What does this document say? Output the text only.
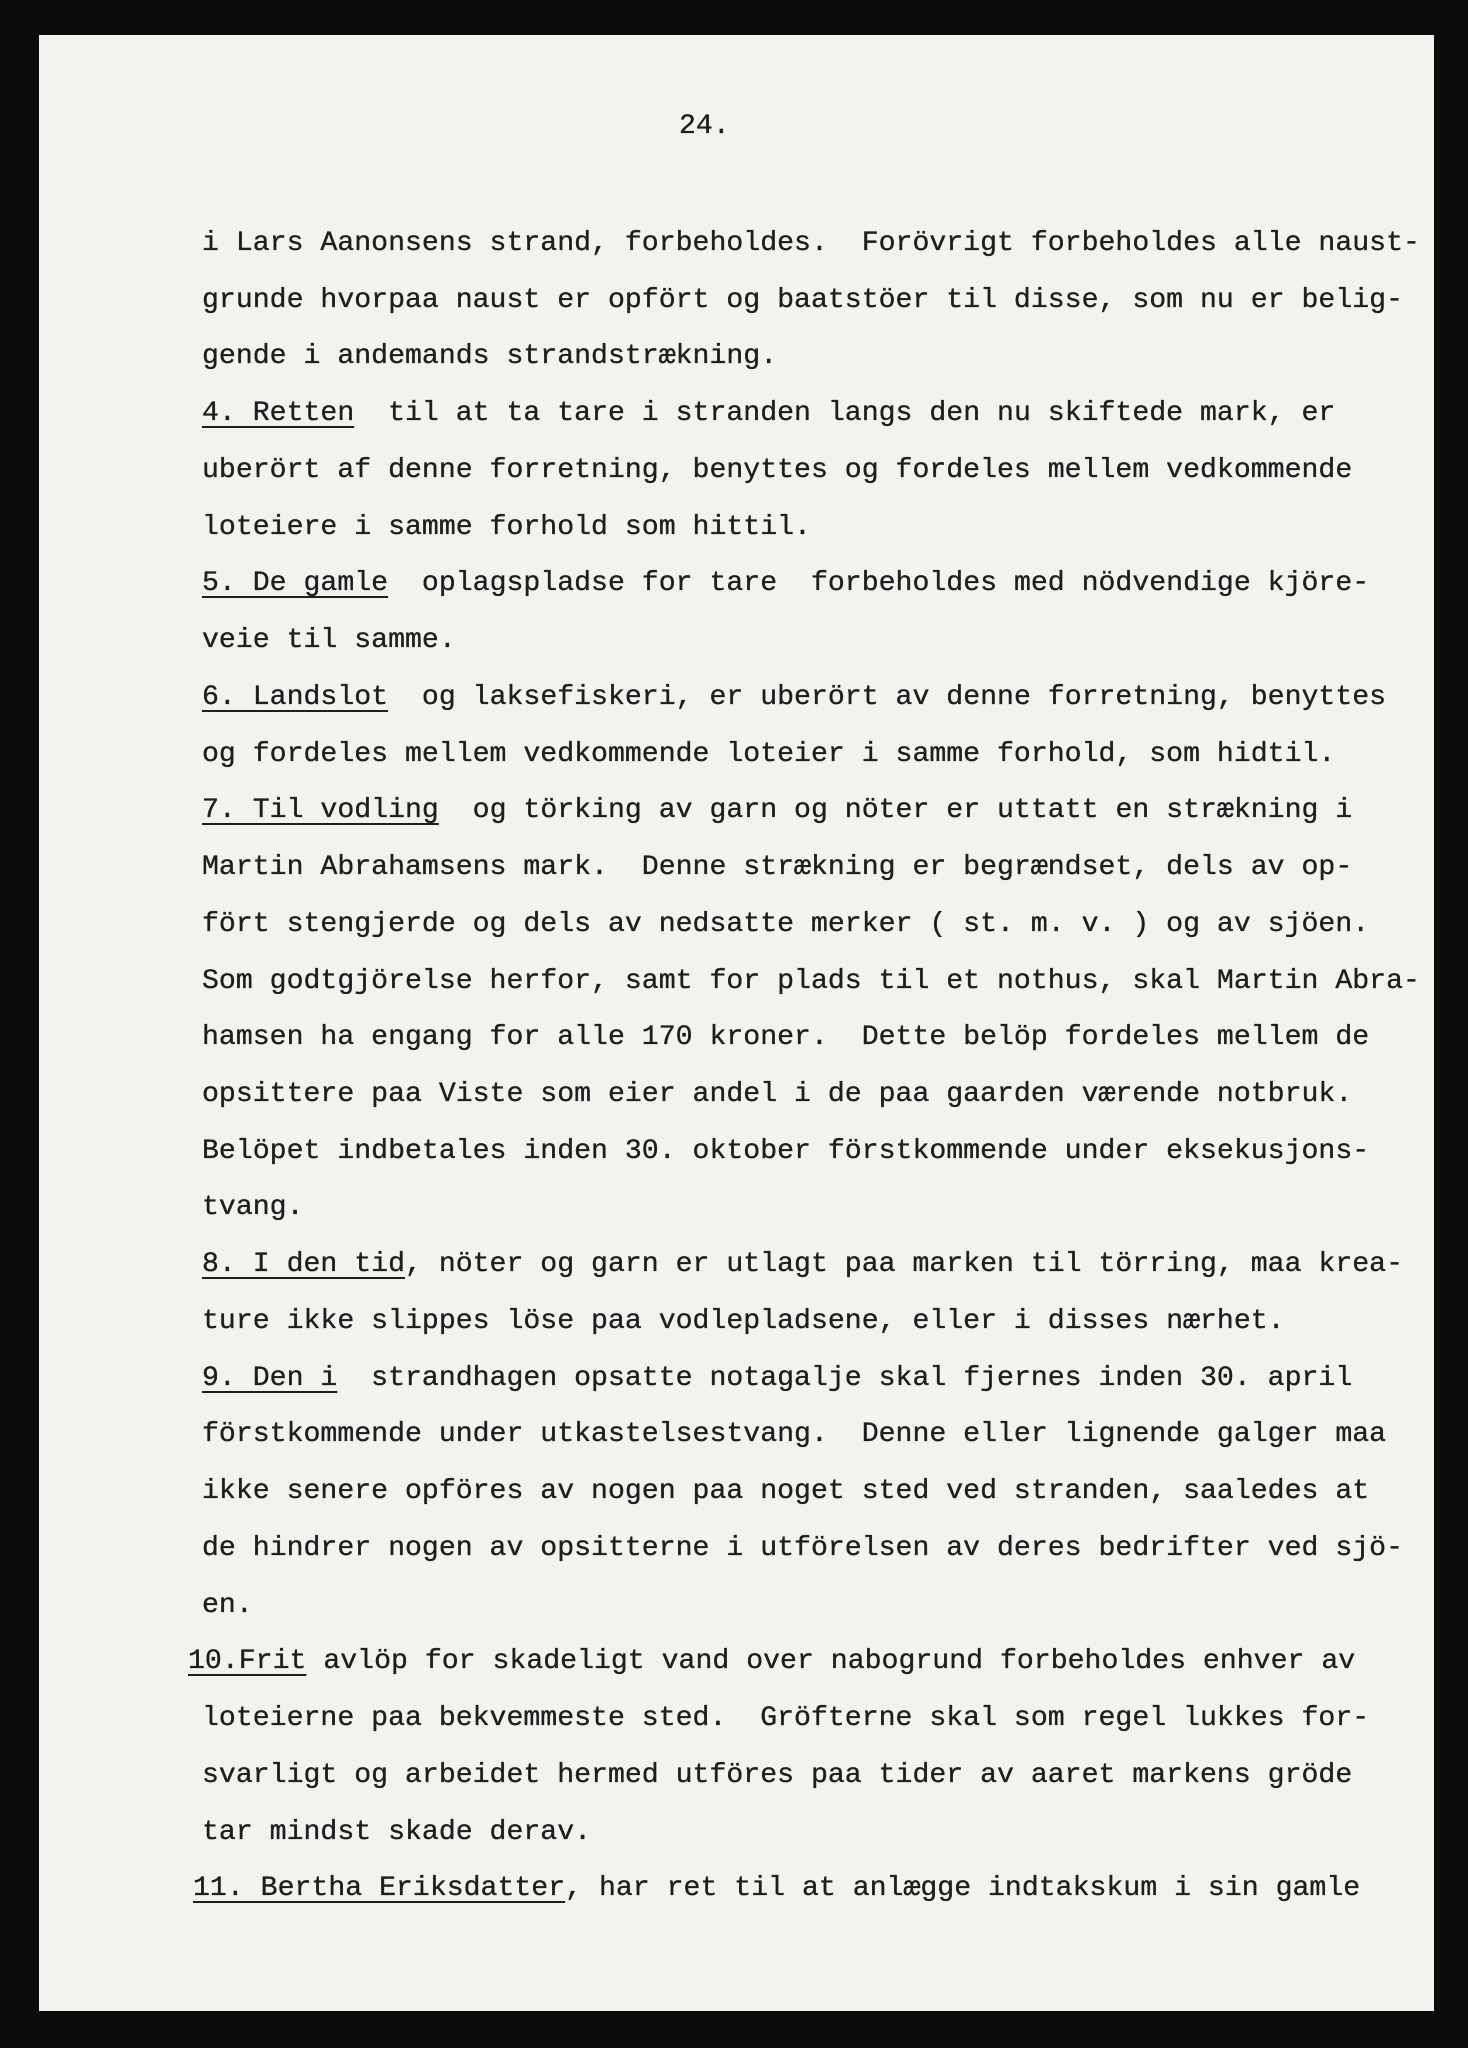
24.
i Lars Aanonsens strand, forbeholdes.  Forövrigt forbeholdes alle naust-
grunde hvorpaa naust er opfört og baatstöer til disse, som nu er belig-
gende i andemands strandstrækning.
4. Retten  til at ta tare i stranden langs den nu skiftede mark, er
uberört af denne forretning, benyttes og fordeles mellem vedkommende
loteiere i samme forhold som hittil.
5. De gamle  oplagspladse for tare  forbeholdes med nödvendige kjöre-
veie til samme.
6. Landslot  og laksefiskeri, er uberört av denne forretning, benyttes
og fordeles mellem vedkommende loteier i samme forhold, som hidtil.
7. Til vodling  og törking av garn og nöter er uttatt en strækning i
Martin Abrahamsens mark.  Denne strækning er begrændset, dels av op-
fört stengjerde og dels av nedsatte merker ( st. m. v. ) og av sjöen.
Som godtgjörelse herfor, samt for plads til et nothus, skal Martin Abra-
hamsen ha engang for alle 170 kroner.  Dette belöp fordeles mellem de
opsittere paa Viste som eier andel i de paa gaarden værende notbruk.
Belöpet indbetales inden 30. oktober förstkommende under eksekusjons-
tvang.
8. I den tid, nöter og garn er utlagt paa marken til törring, maa krea-
ture ikke slippes löse paa vodlepladsene, eller i disses nærhet.
9. Den i  strandhagen opsatte notagalje skal fjernes inden 30. april
förstkommende under utkastelsestvang.  Denne eller lignende galger maa
ikke senere opföres av nogen paa noget sted ved stranden, saaledes at
de hindrer nogen av opsitterne i utförelsen av deres bedrifter ved sjö-
en.
10.Frit avlöp for skadeligt vand over nabogrund forbeholdes enhver av
loteierne paa bekvemmeste sted.  Gröfterne skal som regel lukkes for-
svarligt og arbeidet hermed utföres paa tider av aaret markens gröde
tar mindst skade derav.
11. Bertha Eriksdatter, har ret til at anlægge indtakskum i sin gamle
